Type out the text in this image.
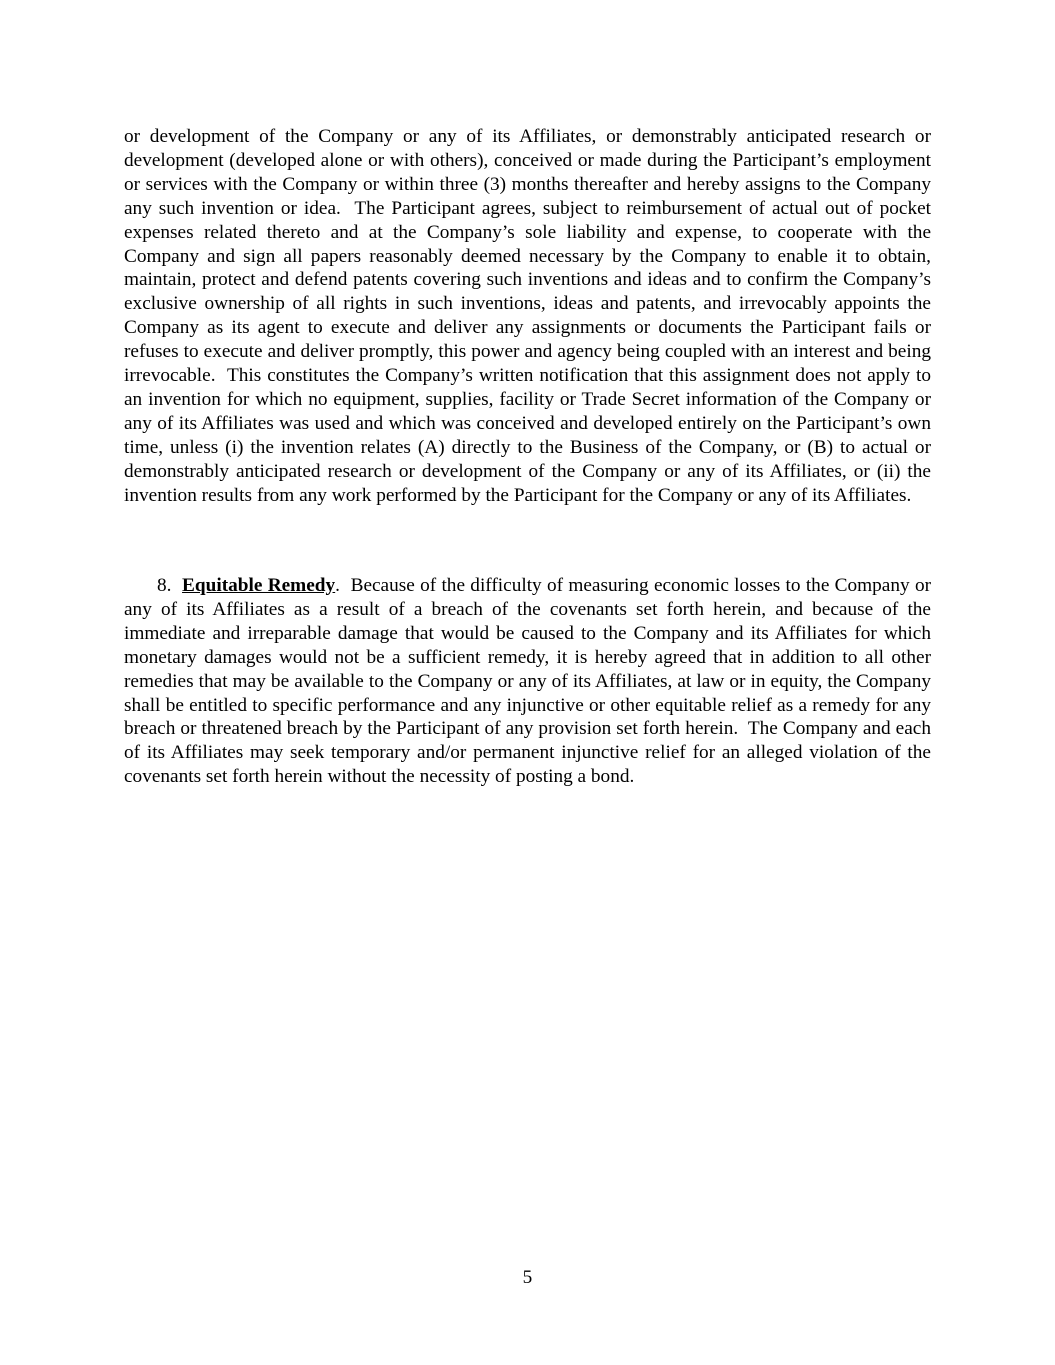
or development of the Company or any of its Affiliates, or demonstrably anticipated research or development (developed alone or with others), conceived or made during the Participant’s employment or services with the Company or within three (3) months thereafter and hereby assigns to the Company any such invention or idea.  The Participant agrees, subject to reimbursement of actual out of pocket expenses related thereto and at the Company’s sole liability and expense, to cooperate with the Company and sign all papers reasonably deemed necessary by the Company to enable it to obtain, maintain, protect and defend patents covering such inventions and ideas and to confirm the Company’s exclusive ownership of all rights in such inventions, ideas and patents, and irrevocably appoints the Company as its agent to execute and deliver any assignments or documents the Participant fails or refuses to execute and deliver promptly, this power and agency being coupled with an interest and being irrevocable.  This constitutes the Company’s written notification that this assignment does not apply to an invention for which no equipment, supplies, facility or Trade Secret information of the Company or any of its Affiliates was used and which was conceived and developed entirely on the Participant’s own time, unless (i) the invention relates (A) directly to the Business of the Company, or (B) to actual or demonstrably anticipated research or development of the Company or any of its Affiliates, or (ii) the invention results from any work performed by the Participant for the Company or any of its Affiliates.

8. Equitable Remedy. Because of the difficulty of measuring economic losses to the Company or any of its Affiliates as a result of a breach of the covenants set forth herein, and because of the immediate and irreparable damage that would be caused to the Company and its Affiliates for which monetary damages would not be a sufficient remedy, it is hereby agreed that in addition to all other remedies that may be available to the Company or any of its Affiliates, at law or in equity, the Company shall be entitled to specific performance and any injunctive or other equitable relief as a remedy for any breach or threatened breach by the Participant of any provision set forth herein.  The Company and each of its Affiliates may seek temporary and/or permanent injunctive relief for an alleged violation of the covenants set forth herein without the necessity of posting a bond.

5
